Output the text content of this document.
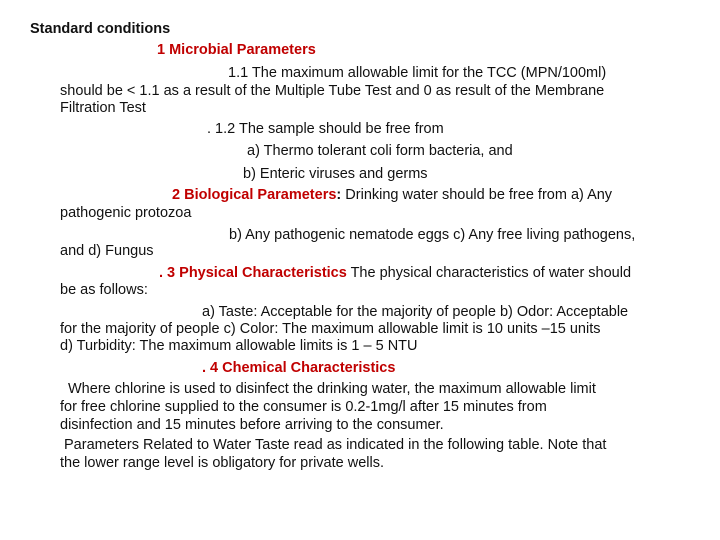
Standard conditions
1 Microbial Parameters
1.1 The maximum allowable limit for the TCC (MPN/100ml)
should be < 1.1 as a result of the Multiple Tube Test and 0 as result of the Membrane
Filtration Test
. 1.2 The sample should be free from
a) Thermo tolerant coli form bacteria, and
b) Enteric viruses and germs
2 Biological Parameters: Drinking water should be free from a) Any
pathogenic protozoa
b) Any pathogenic nematode eggs c) Any free living pathogens,
and d) Fungus
. 3 Physical Characteristics The physical characteristics of water should
be as follows:
a) Taste: Acceptable for the majority of people b) Odor: Acceptable
for the majority of people c) Color: The maximum allowable limit is 10 units –15 units
d) Turbidity: The maximum allowable limits is 1 – 5 NTU
. 4 Chemical Characteristics
Where chlorine is used to disinfect the drinking water, the maximum allowable limit
for free chlorine supplied to the consumer is 0.2-1mg/l after 15 minutes from
disinfection and 15 minutes before arriving to the consumer.
Parameters Related to Water Taste read as indicated in the following table. Note that
the lower range level is obligatory for private wells.
